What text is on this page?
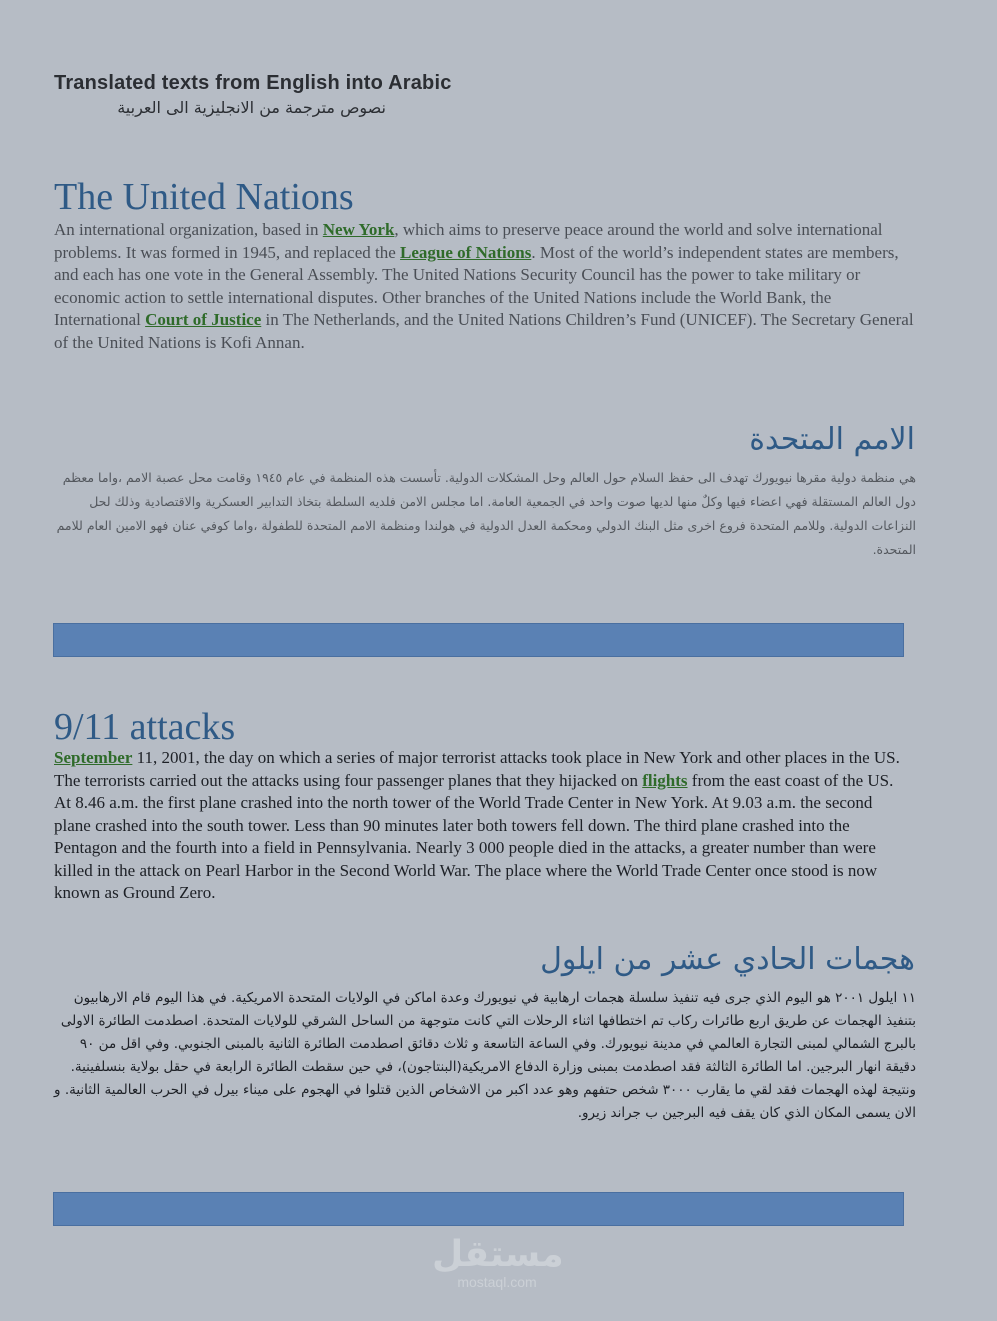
Translated texts from English into Arabic
نصوص مترجمة من الانجليزية الى العربية
The United Nations
An international organization, based in New York, which aims to preserve peace around the world and solve international problems. It was formed in 1945, and replaced the League of Nations. Most of the world’s independent states are members, and each has one vote in the General Assembly. The United Nations Security Council has the power to take military or economic action to settle international disputes. Other branches of the United Nations include the World Bank, the International Court of Justice in The Netherlands, and the United Nations Children’s Fund (UNICEF). The Secretary General of the United Nations is Kofi Annan.
الامم المتحدة
هي منظمة دولية مقرها نيويورك تهدف الى حفظ السلام حول العالم وحل المشكلات الدولية. تأسست هذه المنظمة في عام ١٩٤٥ وقامت محل عصبة الامم ،واما معظم دول العالم المستقلة فهي اعضاء فيها وكلٌ منها لديها صوت واحد في الجمعية العامة. اما مجلس الامن فلديه السلطة بتخاذ التدابير العسكرية والاقتصادية وذلك لحل النزاعات الدولية. وللامم المتحدة فروع اخرى مثل البنك الدولي ومحكمة العدل الدولية في هولندا ومنظمة الامم المتحدة للطفولة ،واما كوفي عنان فهو الامين العام للامم المتحدة.
9/11 attacks
September 11, 2001, the day on which a series of major terrorist attacks took place in New York and other places in the US. The terrorists carried out the attacks using four passenger planes that they hijacked on flights from the east coast of the US. At 8.46 a.m. the first plane crashed into the north tower of the World Trade Center in New York. At 9.03 a.m. the second plane crashed into the south tower. Less than 90 minutes later both towers fell down. The third plane crashed into the Pentagon and the fourth into a field in Pennsylvania. Nearly 3 000 people died in the attacks, a greater number than were killed in the attack on Pearl Harbor in the Second World War. The place where the World Trade Center once stood is now known as Ground Zero.
هجمات الحادي عشر من ايلول
١١ ايلول ٢٠٠١ هو اليوم الذي جرى فيه تنفيذ سلسلة هجمات ارهابية في نيويورك وعدة اماكن في الولايات المتحدة الامريكية. في هذا اليوم قام الارهابيون بتنفيذ الهجمات عن طريق اربع طائرات ركاب تم اختطافها اثناء الرحلات التي كانت متوجهة من الساحل الشرقي للولايات المتحدة. اصطدمت الطائرة الاولى بالبرج الشمالي لمبنى التجارة العالمي في مدينة نيويورك. وفي الساعة التاسعة و ثلاث دقائق اصطدمت الطائرة الثانية بالمبنى الجنوبي. وفي اقل من ٩٠ دقيقة انهار البرجين. اما الطائرة الثالثة فقد اصطدمت بمبنى وزارة الدفاع الامريكية(البنتاجون)، في حين سقطت الطائرة الرابعة في حقل بولاية بنسلفينية. ونتيجة لهذه الهجمات فقد لقي ما يقارب ٣٠٠٠ شخص حتفهم وهو عدد اكبر من الاشخاص الذين قتلوا في الهجوم على ميناء بيرل في الحرب العالمية الثانية. و الان يسمى المكان الذي كان يقف فيه البرجين ب جراند زيرو.
مستقل
mostaql.com
